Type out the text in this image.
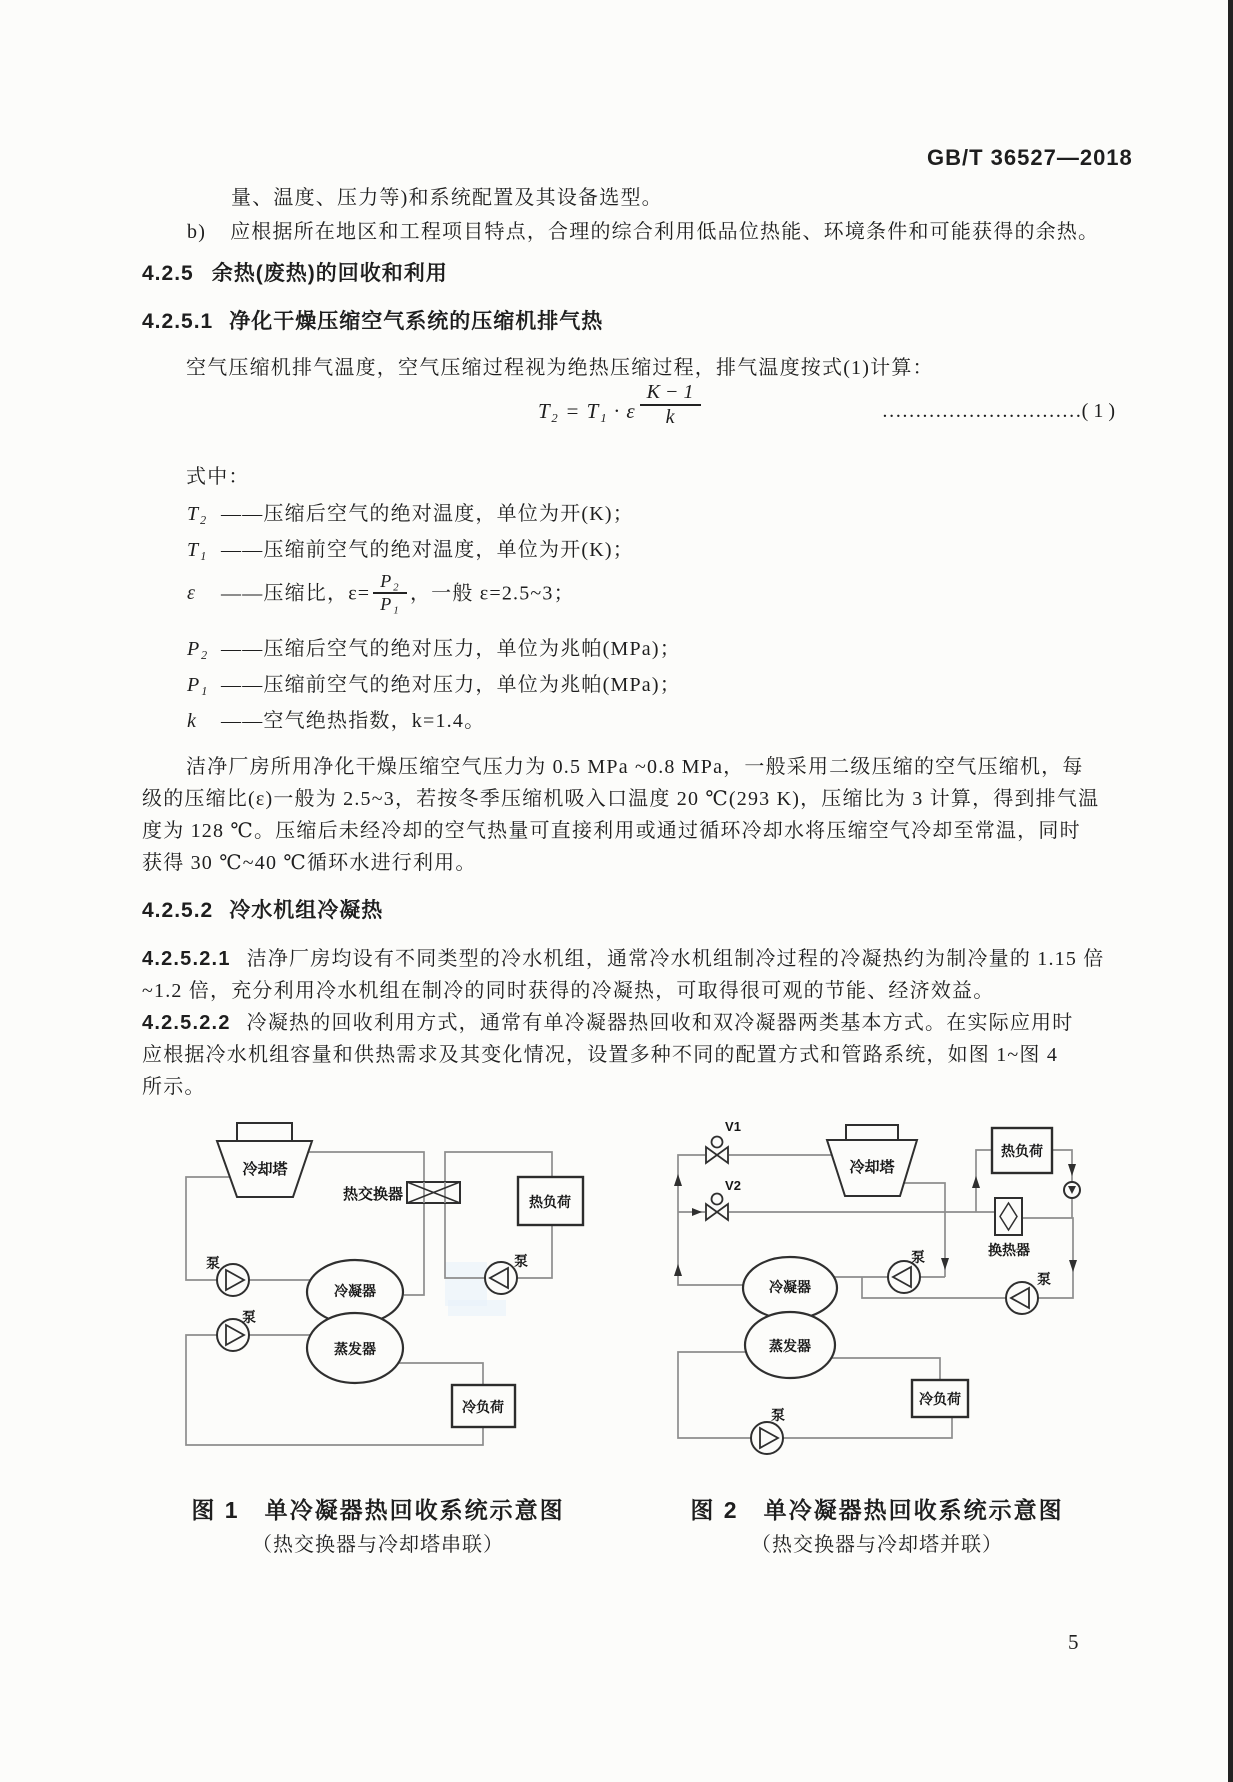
GB/T 36527—2018
量、温度、压力等)和系统配置及其设备选型。
b) 应根据所在地区和工程项目特点，合理的综合利用低品位热能、环境条件和可能获得的余热。
4.2.5 余热(废热)的回收和利用
4.2.5.1 净化干燥压缩空气系统的压缩机排气热
空气压缩机排气温度，空气压缩过程视为绝热压缩过程，排气温度按式(1)计算：
T₂ = T₁ · ε $\frac{K - 1}{k}$	…………………………( 1 )
式中：
T₂ ——压缩后空气的绝对温度，单位为开(K)；
T₁ ——压缩前空气的绝对温度，单位为开(K)；
ε ——压缩比，$\varepsilon= \frac{\text{P₂}}{\text{P₁}}$ ，一般 ε=2.5~3；
P₂ ——压缩后空气的绝对压力，单位为兆帕(MPa)；
P₁ ——压缩前空气的绝对压力，单位为兆帕(MPa)；
k ——空气绝热指数，k=1.4。
洁净厂房所用净化干燥压缩空气压力为 0.5 MPa ~0.8 MPa，一般采用二级压缩的空气压缩机，每
级的压缩比(ε)一般为 2.5~3，若按冬季压缩机吸入口温度 20 ℃(293 K)，压缩比为 3 计算，得到排气温
度为 128 ℃。压缩后未经冷却的空气热量可直接利用或通过循环冷却水将压缩空气冷却至常温，同时
获得 30 ℃~40 ℃循环水进行利用。
4.2.5.2 冷水机组冷凝热
4.2.5.2.1 洁净厂房均设有不同类型的冷水机组，通常冷水机组制冷过程的冷凝热约为制冷量的 1.15 倍
~1.2 倍，充分利用冷水机组在制冷的同时获得的冷凝热，可取得很可观的节能、经济效益。
4.2.5.2.2 冷凝热的回收利用方式，通常有单冷凝器热回收和双冷凝器两类基本方式。在实际应用时
应根据冷水机组容量和供热需求及其变化情况，设置多种不同的配置方式和管路系统，如图 1~图 4
所示。
冷却塔
热交换器	热负荷
冷凝器
蒸发器
冷负荷
泵
泵
泵
V1
V2
冷却塔
热负荷
换热器
冷凝器
蒸发器
冷负荷
泵
泵
泵
图 1　单冷凝器热回收系统示意图
（热交换器与冷却塔串联）
图 2　单冷凝器热回收系统示意图
（热交换器与冷却塔并联）
5
